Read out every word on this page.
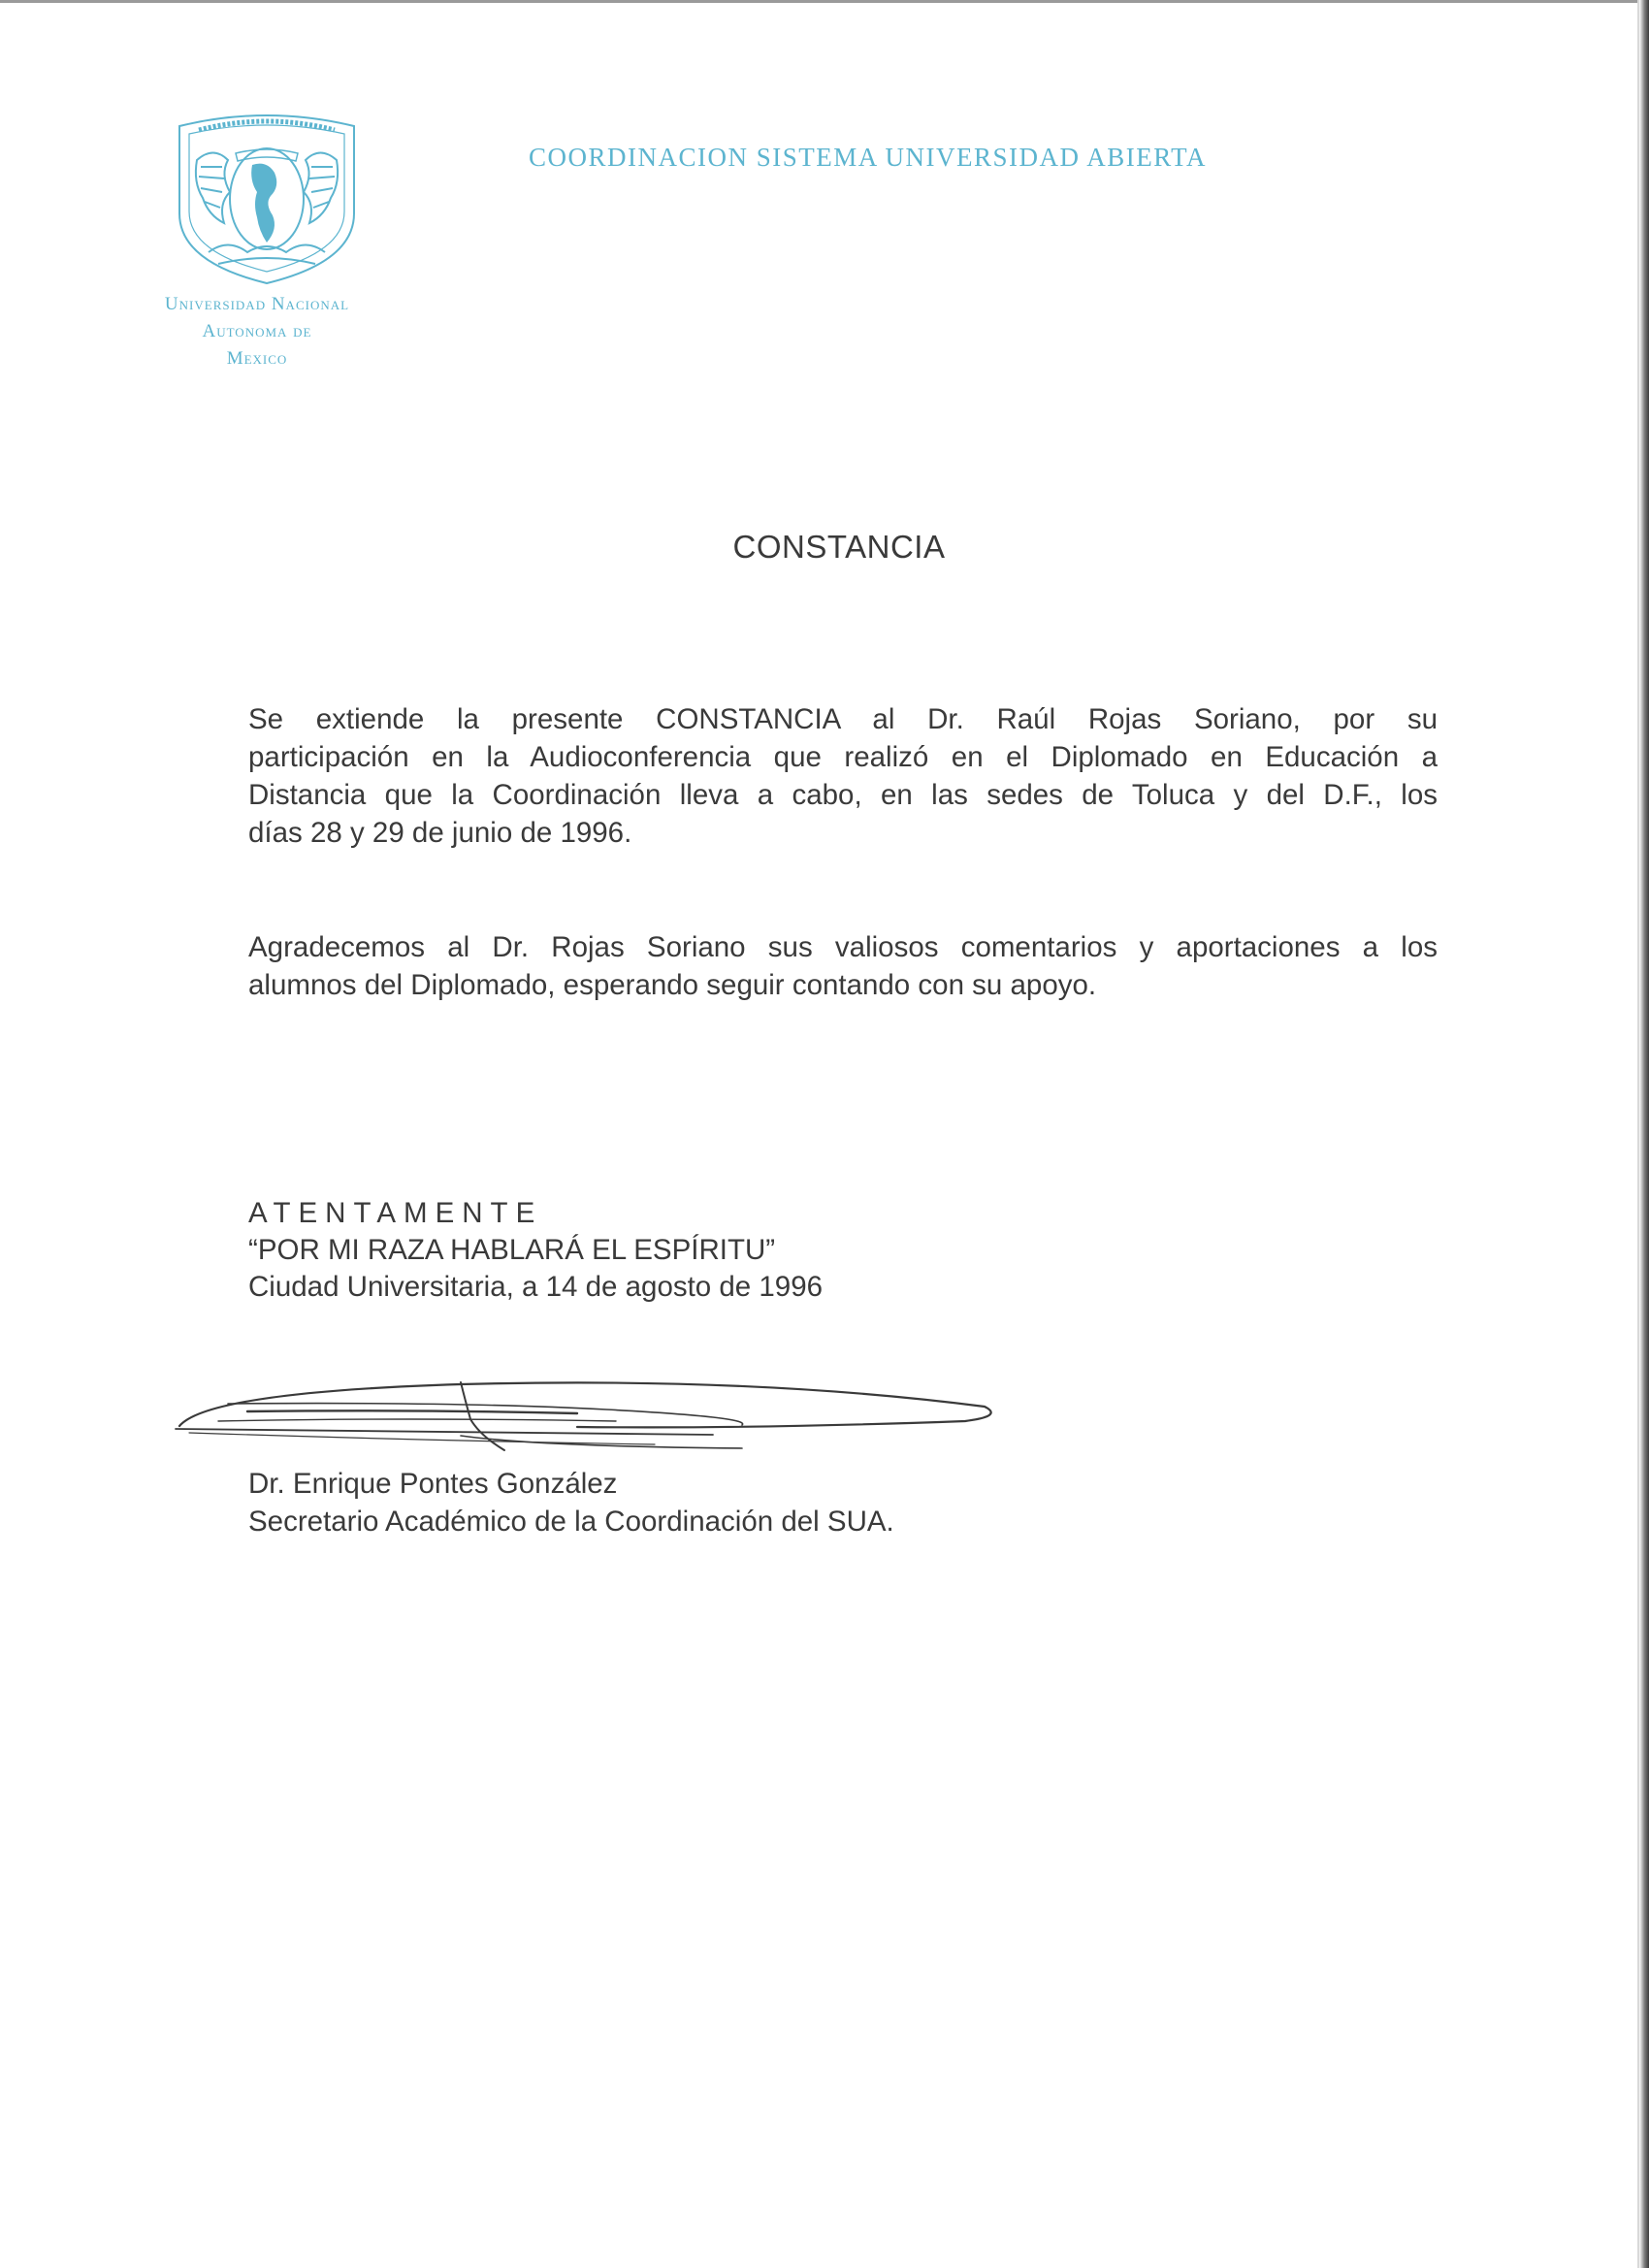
Universidad Nacional
Autonoma de
Mexico
COORDINACION SISTEMA UNIVERSIDAD ABIERTA
CONSTANCIA
Se extiende la presente CONSTANCIA al Dr. Raúl Rojas Soriano, por su
participación en la Audioconferencia que realizó en el Diplomado en Educación a
Distancia que la Coordinación lleva a cabo, en las sedes de Toluca y del D.F., los
días 28 y 29 de junio de 1996.
Agradecemos al Dr. Rojas Soriano sus valiosos comentarios y aportaciones a los
alumnos del Diplomado, esperando seguir contando con su apoyo.
ATENTAMENTE
“POR MI RAZA HABLARÁ EL ESPÍRITU”
Ciudad Universitaria, a 14 de agosto de 1996
Dr. Enrique Pontes González
Secretario Académico de la Coordinación del SUA.
